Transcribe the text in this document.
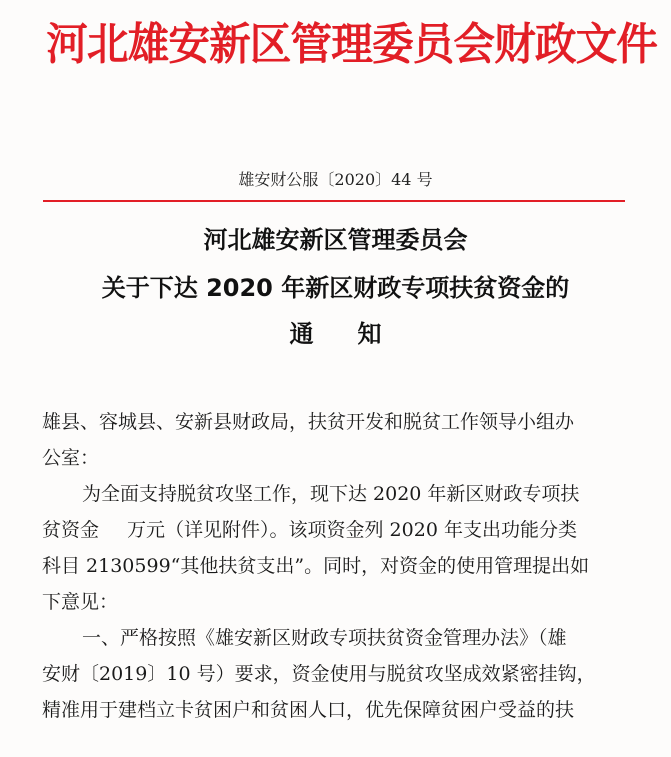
河北雄安新区管理委员会财政文件
雄安财公服〔2020〕44 号
河北雄安新区管理委员会
关于下达 2020 年新区财政专项扶贫资金的
通 知
雄县、容城县、安新县财政局，扶贫开发和脱贫工作领导小组办
公室：
为全面支持脱贫攻坚工作，现下达 2020 年新区财政专项扶
贫资金 万元（详见附件）。该项资金列 2020 年支出功能分类
科目 2130599“其他扶贫支出”。同时，对资金的使用管理提出如
下意见：
一、严格按照《雄安新区财政专项扶贫资金管理办法》（雄
安财〔2019〕10 号）要求，资金使用与脱贫攻坚成效紧密挂钩，
精准用于建档立卡贫困户和贫困人口，优先保障贫困户受益的扶
